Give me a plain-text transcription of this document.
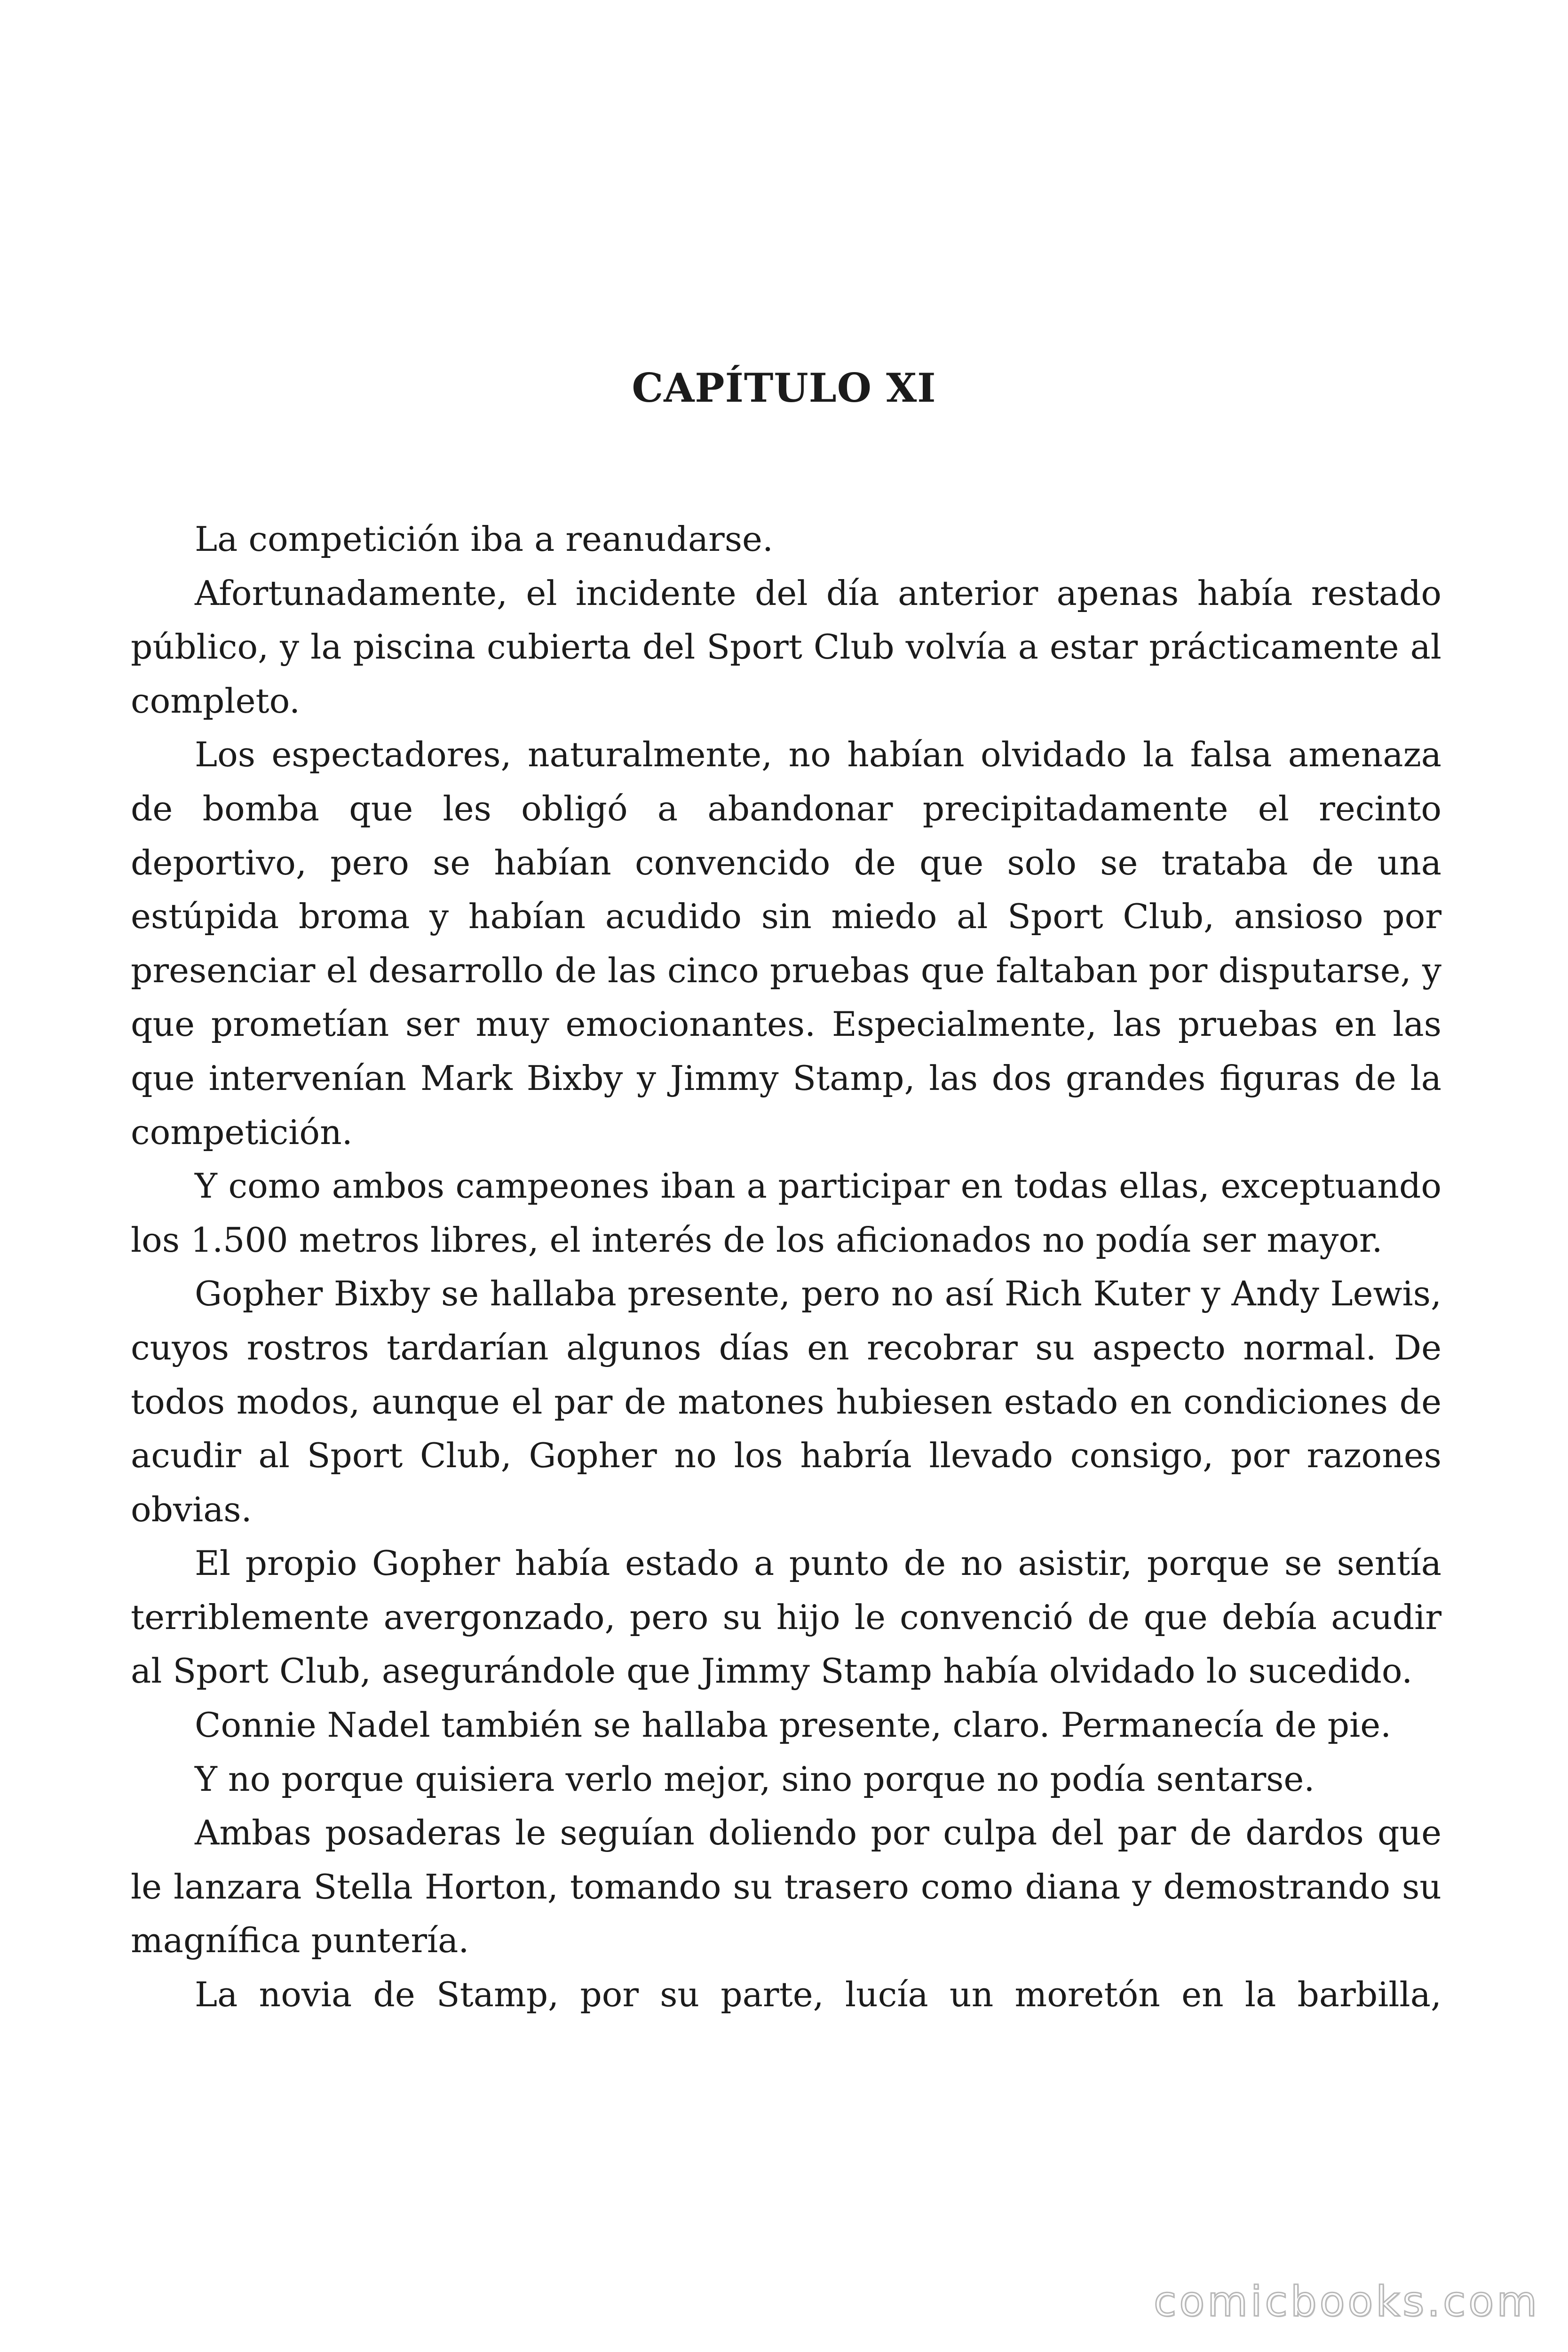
CAPÍTULO XI

La competición iba a reanudarse.

Afortunadamente, el incidente del día anterior apenas había restado público, y la piscina cubierta del Sport Club volvía a estar prácticamente al completo.

Los espectadores, naturalmente, no habían olvidado la falsa amenaza de bomba que les obligó a abandonar precipitadamente el recinto deportivo, pero se habían convencido de que solo se trataba de una estúpida broma y habían acudido sin miedo al Sport Club, ansioso por presenciar el desarrollo de las cinco pruebas que faltaban por disputarse, y que prometían ser muy emocionantes. Especialmente, las pruebas en las que intervenían Mark Bixby y Jimmy Stamp, las dos grandes figuras de la competición.

Y como ambos campeones iban a participar en todas ellas, exceptuando los 1.500 metros libres, el interés de los aficionados no podía ser mayor.

Gopher Bixby se hallaba presente, pero no así Rich Kuter y Andy Lewis, cuyos rostros tardarían algunos días en recobrar su aspecto normal. De todos modos, aunque el par de matones hubiesen estado en condiciones de acudir al Sport Club, Gopher no los habría llevado consigo, por razones obvias.

El propio Gopher había estado a punto de no asistir, porque se sentía terriblemente avergonzado, pero su hijo le convenció de que debía acudir al Sport Club, asegurándole que Jimmy Stamp había olvidado lo sucedido.

Connie Nadel también se hallaba presente, claro. Permanecía de pie.

Y no porque quisiera verlo mejor, sino porque no podía sentarse.

Ambas posaderas le seguían doliendo por culpa del par de dardos que le lanzara Stella Horton, tomando su trasero como diana y demostrando su magnífica puntería.

La novia de Stamp, por su parte, lucía un moretón en la barbilla,

comicbooks.com
